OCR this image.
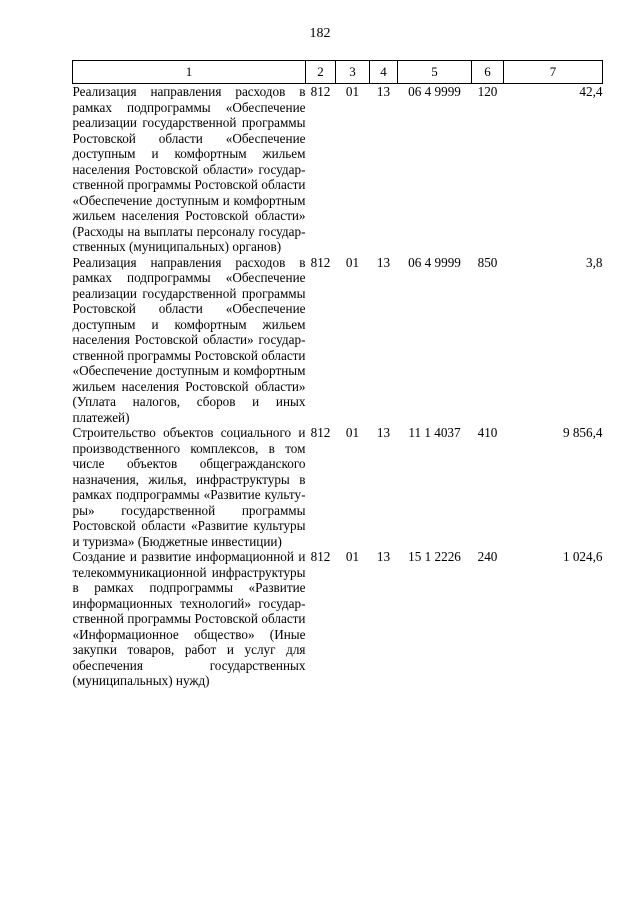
182
1	2	3	4	5	6	7
Реализация направления расходов в рамках подпрограммы «Обеспечение реализации государственной программы Ростовской области «Обеспечение доступным и комфортным жильем населения Ростовской области» государственной программы Ростовской области «Обеспечение доступным и комфортным жильем населения Ростовской области» (Расходы на выплаты персоналу государственных (муниципальных) органов)	812	01	13	06 4 9999	120	42,4
Реализация направления расходов в рамках подпрограммы «Обеспечение реализации государственной программы Ростовской области «Обеспечение доступным и комфортным жильем населения Ростовской области» государственной программы Ростовской области «Обеспечение доступным и комфортным жильем населения Ростовской области» (Уплата налогов, сборов и иных платежей)	812	01	13	06 4 9999	850	3,8
Строительство объектов социального и производственного комплексов, в том числе объектов общегражданского назначения, жилья, инфраструктуры в рамках подпрограммы «Развитие культуры» государственной программы Ростовской области «Развитие культуры и туризма» (Бюджетные инвестиции)	812	01	13	11 1 4037	410	9 856,4
Создание и развитие информационной и телекоммуникационной инфраструктуры в рамках подпрограммы «Развитие информационных технологий» государственной программы Ростовской области «Информационное общество» (Иные закупки товаров, работ и услуг для обеспечения государственных (муниципальных) нужд)	812	01	13	15 1 2226	240	1 024,6
